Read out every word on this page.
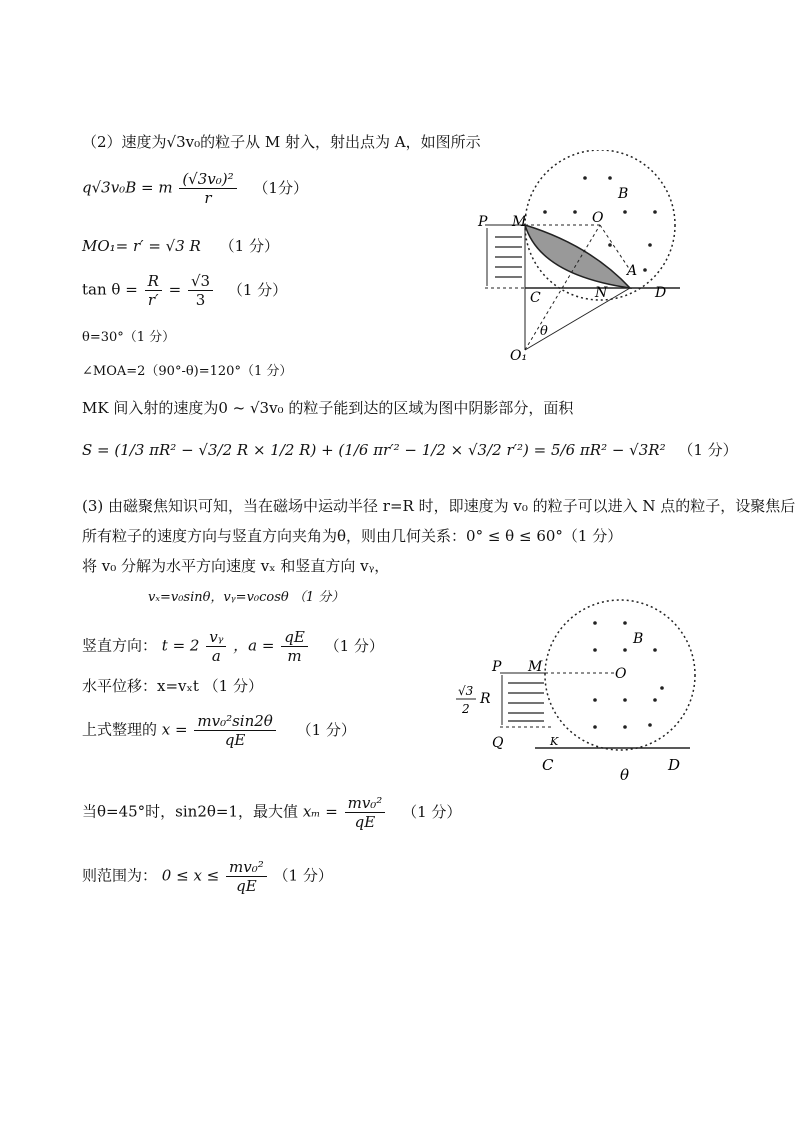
（2）速度为√3v₀的粒子从 M 射入，射出点为 A，如图所示
q√3v₀B = m $\frac{\text{(√3v₀)²}}{r} (1$分）
MO₁= r′ = √3 R （1 分）
$\tan \theta = \frac{R}{r'} = \frac{√3}{3} (1$ 分）
θ=30°（1 分）
∠MOA=2（90°-θ)=120°（1 分）
MK 间入射的速度为0 ~ √3v₀ 的粒子能到达的区域为图中阴影部分，面积
S = (1/3 πR² − √3/2 R × 1/2 R) + (1/6 πr′² − 1/2 × √3/2 r′²) = 5/6 πR² − √3R² （1 分）
(3) 由磁聚焦知识可知，当在磁场中运动半径 r=R 时，即速度为 v₀ 的粒子可以进入 N 点的粒子，设聚焦后
所有粒子的速度方向与竖直方向夹角为θ，则由几何关系：0° ≤ θ ≤ 60°（1 分）
将 v₀ 分解为水平方向速度 vₓ 和竖直方向 vᵧ，
vₓ=v₀sinθ，vᵧ=v₀cosθ （1 分）
竖直方向： $t = 2 \frac{\text{vᵧ}}{a}$ ，$a = \frac{qE}{m} (1$ 分）
水平位移：x=vₓt （1 分）
上式整理的 $x = \frac{\text{mv₀²sin2θ}}{qE} (1$ 分）
当θ=45°时，sin2θ=1，最大值 $x_m = \frac{\text{mv₀²}}{qE} (1$ 分）
则范围为： $0 \le x \le \frac{\text{mv₀²}}{qE} (1$ 分）
P M	O
B
A
C	N	D
O₁
θ
P M	O
B
Q	K
C	D
θ
√3
2
R
